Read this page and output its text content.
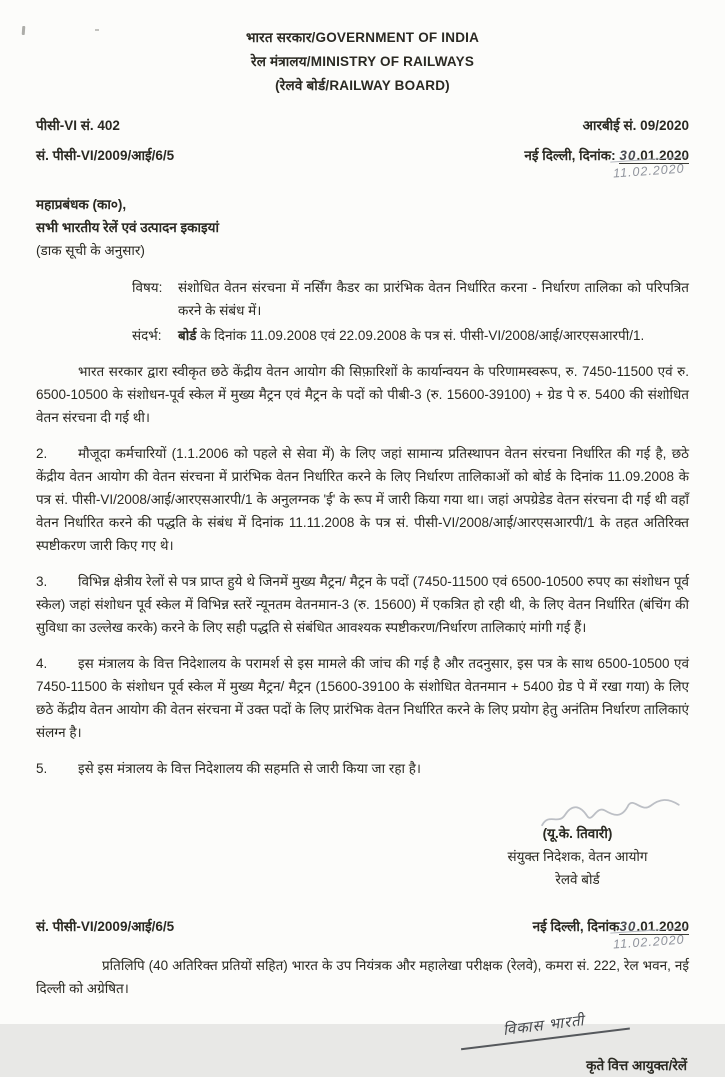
भारत सरकार/GOVERNMENT OF INDIA
रेल मंत्रालय/MINISTRY OF RAILWAYS
(रेलवे बोर्ड/RAILWAY BOARD)
पीसी-VI सं. 402	आरबीई सं. 09/2020
सं. पीसी-VI/2009/आई/6/5	नई दिल्ली, दिनांक: 30.01.2020
11.02.2020
महाप्रबंधक (का०),
सभी भारतीय रेलें एवं उत्पादन इकाइयां
(डाक सूची के अनुसार)
विषय:	संशोधित वेतन संरचना में नर्सिंग कैडर का प्रारंभिक वेतन निर्धारित करना - निर्धारण तालिका को परिपत्रित करने के संबंध में।
संदर्भ:	बोर्ड के दिनांक 11.09.2008 एवं 22.09.2008 के पत्र सं. पीसी-VI/2008/आई/आरएसआरपी/1.

भारत सरकार द्वारा स्वीकृत छठे केंद्रीय वेतन आयोग की सिफ़ारिशों के कार्यान्वयन के परिणामस्वरूप, रु. 7450-11500 एवं रु. 6500-10500 के संशोधन-पूर्व स्केल में मुख्य मैट्रन एवं मैट्रन के पदों को पीबी-3 (रु. 15600-39100) + ग्रेड पे रु. 5400 की संशोधित वेतन संरचना दी गई थी।

2. मौजूदा कर्मचारियों (1.1.2006 को पहले से सेवा में) के लिए जहां सामान्य प्रतिस्थापन वेतन संरचना निर्धारित की गई है, छठे केंद्रीय वेतन आयोग की वेतन संरचना में प्रारंभिक वेतन निर्धारित करने के लिए निर्धारण तालिकाओं को बोर्ड के दिनांक 11.09.2008 के पत्र सं. पीसी-VI/2008/आई/आरएसआरपी/1 के अनुलग्नक 'ई' के रूप में जारी किया गया था। जहां अपग्रेडेड वेतन संरचना दी गई थी वहाँ वेतन निर्धारित करने की पद्धति के संबंध में दिनांक 11.11.2008 के पत्र सं. पीसी-VI/2008/आई/आरएसआरपी/1 के तहत अतिरिक्त स्पष्टीकरण जारी किए गए थे।

3. विभिन्न क्षेत्रीय रेलों से पत्र प्राप्त हुये थे जिनमें मुख्य मैट्रन/ मैट्रन के पदों (7450-11500 एवं 6500-10500 रुपए का संशोधन पूर्व स्केल) जहां संशोधन पूर्व स्केल में विभिन्न स्तरें न्यूनतम वेतनमान-3 (रु. 15600) में एकत्रित हो रही थी, के लिए वेतन निर्धारित (बंचिंग की सुविधा का उल्लेख करके) करने के लिए सही पद्धति से संबंधित आवश्यक स्पष्टीकरण/निर्धारण तालिकाएं मांगी गई हैं।

4. इस मंत्रालय के वित्त निदेशालय के परामर्श से इस मामले की जांच की गई है और तदनुसार, इस पत्र के साथ 6500-10500 एवं 7450-11500 के संशोधन पूर्व स्केल में मुख्य मैट्रन/ मैट्रन (15600-39100 के संशोधित वेतनमान + 5400 ग्रेड पे में रखा गया) के लिए छठे केंद्रीय वेतन आयोग की वेतन संरचना में उक्त पदों के लिए प्रारंभिक वेतन निर्धारित करने के लिए प्रयोग हेतु अनंतिम निर्धारण तालिकाएं संलग्न है।

5. इसे इस मंत्रालय के वित्त निदेशालय की सहमति से जारी किया जा रहा है।

(यू.के. तिवारी)
संयुक्त निदेशक, वेतन आयोग
रेलवे बोर्ड
सं. पीसी-VI/2009/आई/6/5	नई दिल्ली, दिनांक30.01.2020
11.02.2020

प्रतिलिपि (40 अतिरिक्त प्रतियों सहित) भारत के उप नियंत्रक और महालेखा परीक्षक (रेलवे), कमरा सं. 222, रेल भवन, नई दिल्ली को अग्रेषित।

विकास भारती
कृते वित्त आयुक्त/रेलें
